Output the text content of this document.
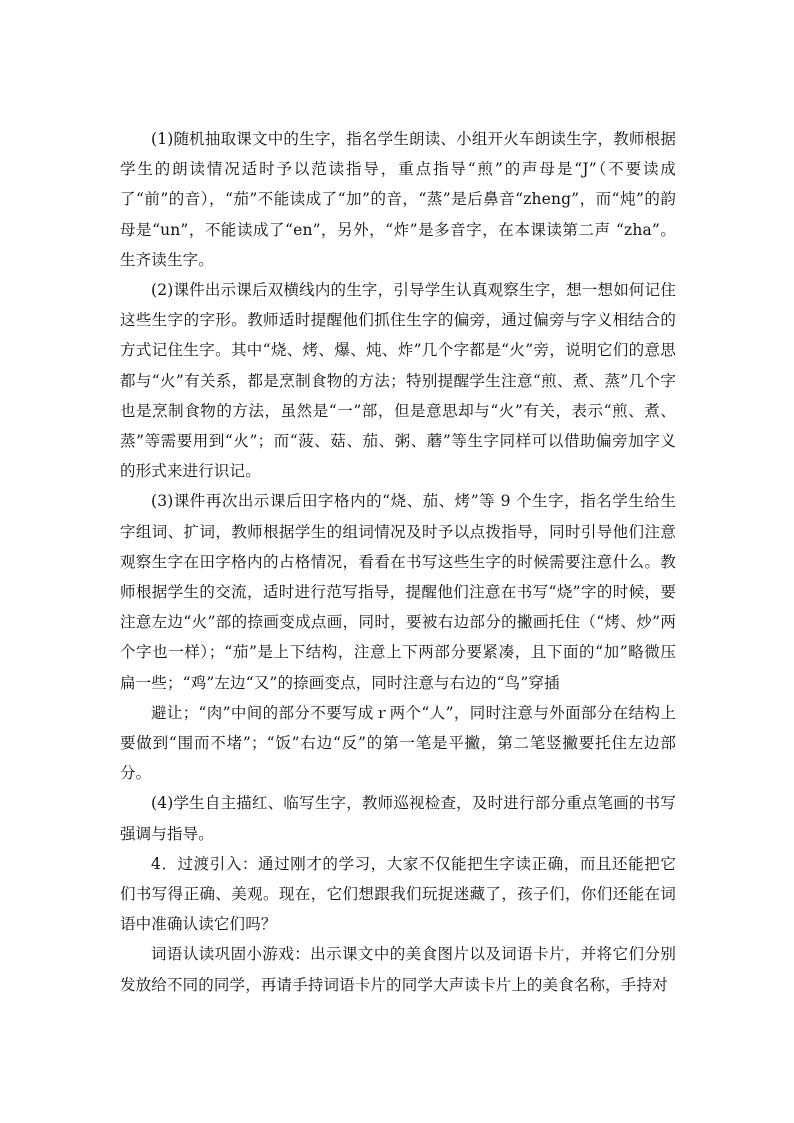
(1)随机抽取课文中的生字，指名学生朗读、小组开火车朗读生字，教师根据学生的朗读情况适时予以范读指导，重点指导“煎”的声母是“J”（不要读成了“前”的音），“茄”不能读成了“加”的音，“蒸”是后鼻音“zheng”，而“炖”的韵母是“un”，不能读成了“en”，另外，“炸”是多音字，在本课读第二声 “zha”。生齐读生字。

(2)课件出示课后双横线内的生字，引导学生认真观察生字，想一想如何记住这些生字的字形。教师适时提醒他们抓住生字的偏旁，通过偏旁与字义相结合的方式记住生字。其中“烧、烤、爆、炖、炸”几个字都是“火”旁，说明它们的意思都与“火”有关系，都是烹制食物的方法；特别提醒学生注意“煎、煮、蒸”几个字也是烹制食物的方法，虽然是“一”部，但是意思却与“火”有关，表示“煎、煮、蒸”等需要用到“火”；而“菠、菇、茄、粥、蘑”等生字同样可以借助偏旁加字义的形式来进行识记。

(3)课件再次出示课后田字格内的“烧、茄、烤”等 9 个生字，指名学生给生字组词、扩词，教师根据学生的组词情况及时予以点拨指导，同时引导他们注意观察生字在田字格内的占格情况，看看在书写这些生字的时候需要注意什么。教师根据学生的交流，适时进行范写指导，提醒他们注意在书写“烧”字的时候，要注意左边“火”部的捺画变成点画，同时，要被右边部分的撇画托住（“烤、炒”两个字也一样）；“茄”是上下结构，注意上下两部分要紧凑，且下面的“加”略微压扁一些；“鸡”左边“又”的捺画变点，同时注意与右边的“鸟”穿插

避让；“肉”中间的部分不要写成ｒ两个“人”，同时注意与外面部分在结构上要做到“围而不堵”；“饭”右边“反”的第一笔是平撇，第二笔竖撇要托住左边部分。

(4)学生自主描红、临写生字，教师巡视检查，及时进行部分重点笔画的书写强调与指导。

4．过渡引入：通过刚才的学习，大家不仅能把生字读正确，而且还能把它们书写得正确、美观。现在，它们想跟我们玩捉迷藏了，孩子们，你们还能在词语中准确认读它们吗？

词语认读巩固小游戏：出示课文中的美食图片以及词语卡片，并将它们分别发放给不同的同学，再请手持词语卡片的同学大声读卡片上的美食名称，手持对
